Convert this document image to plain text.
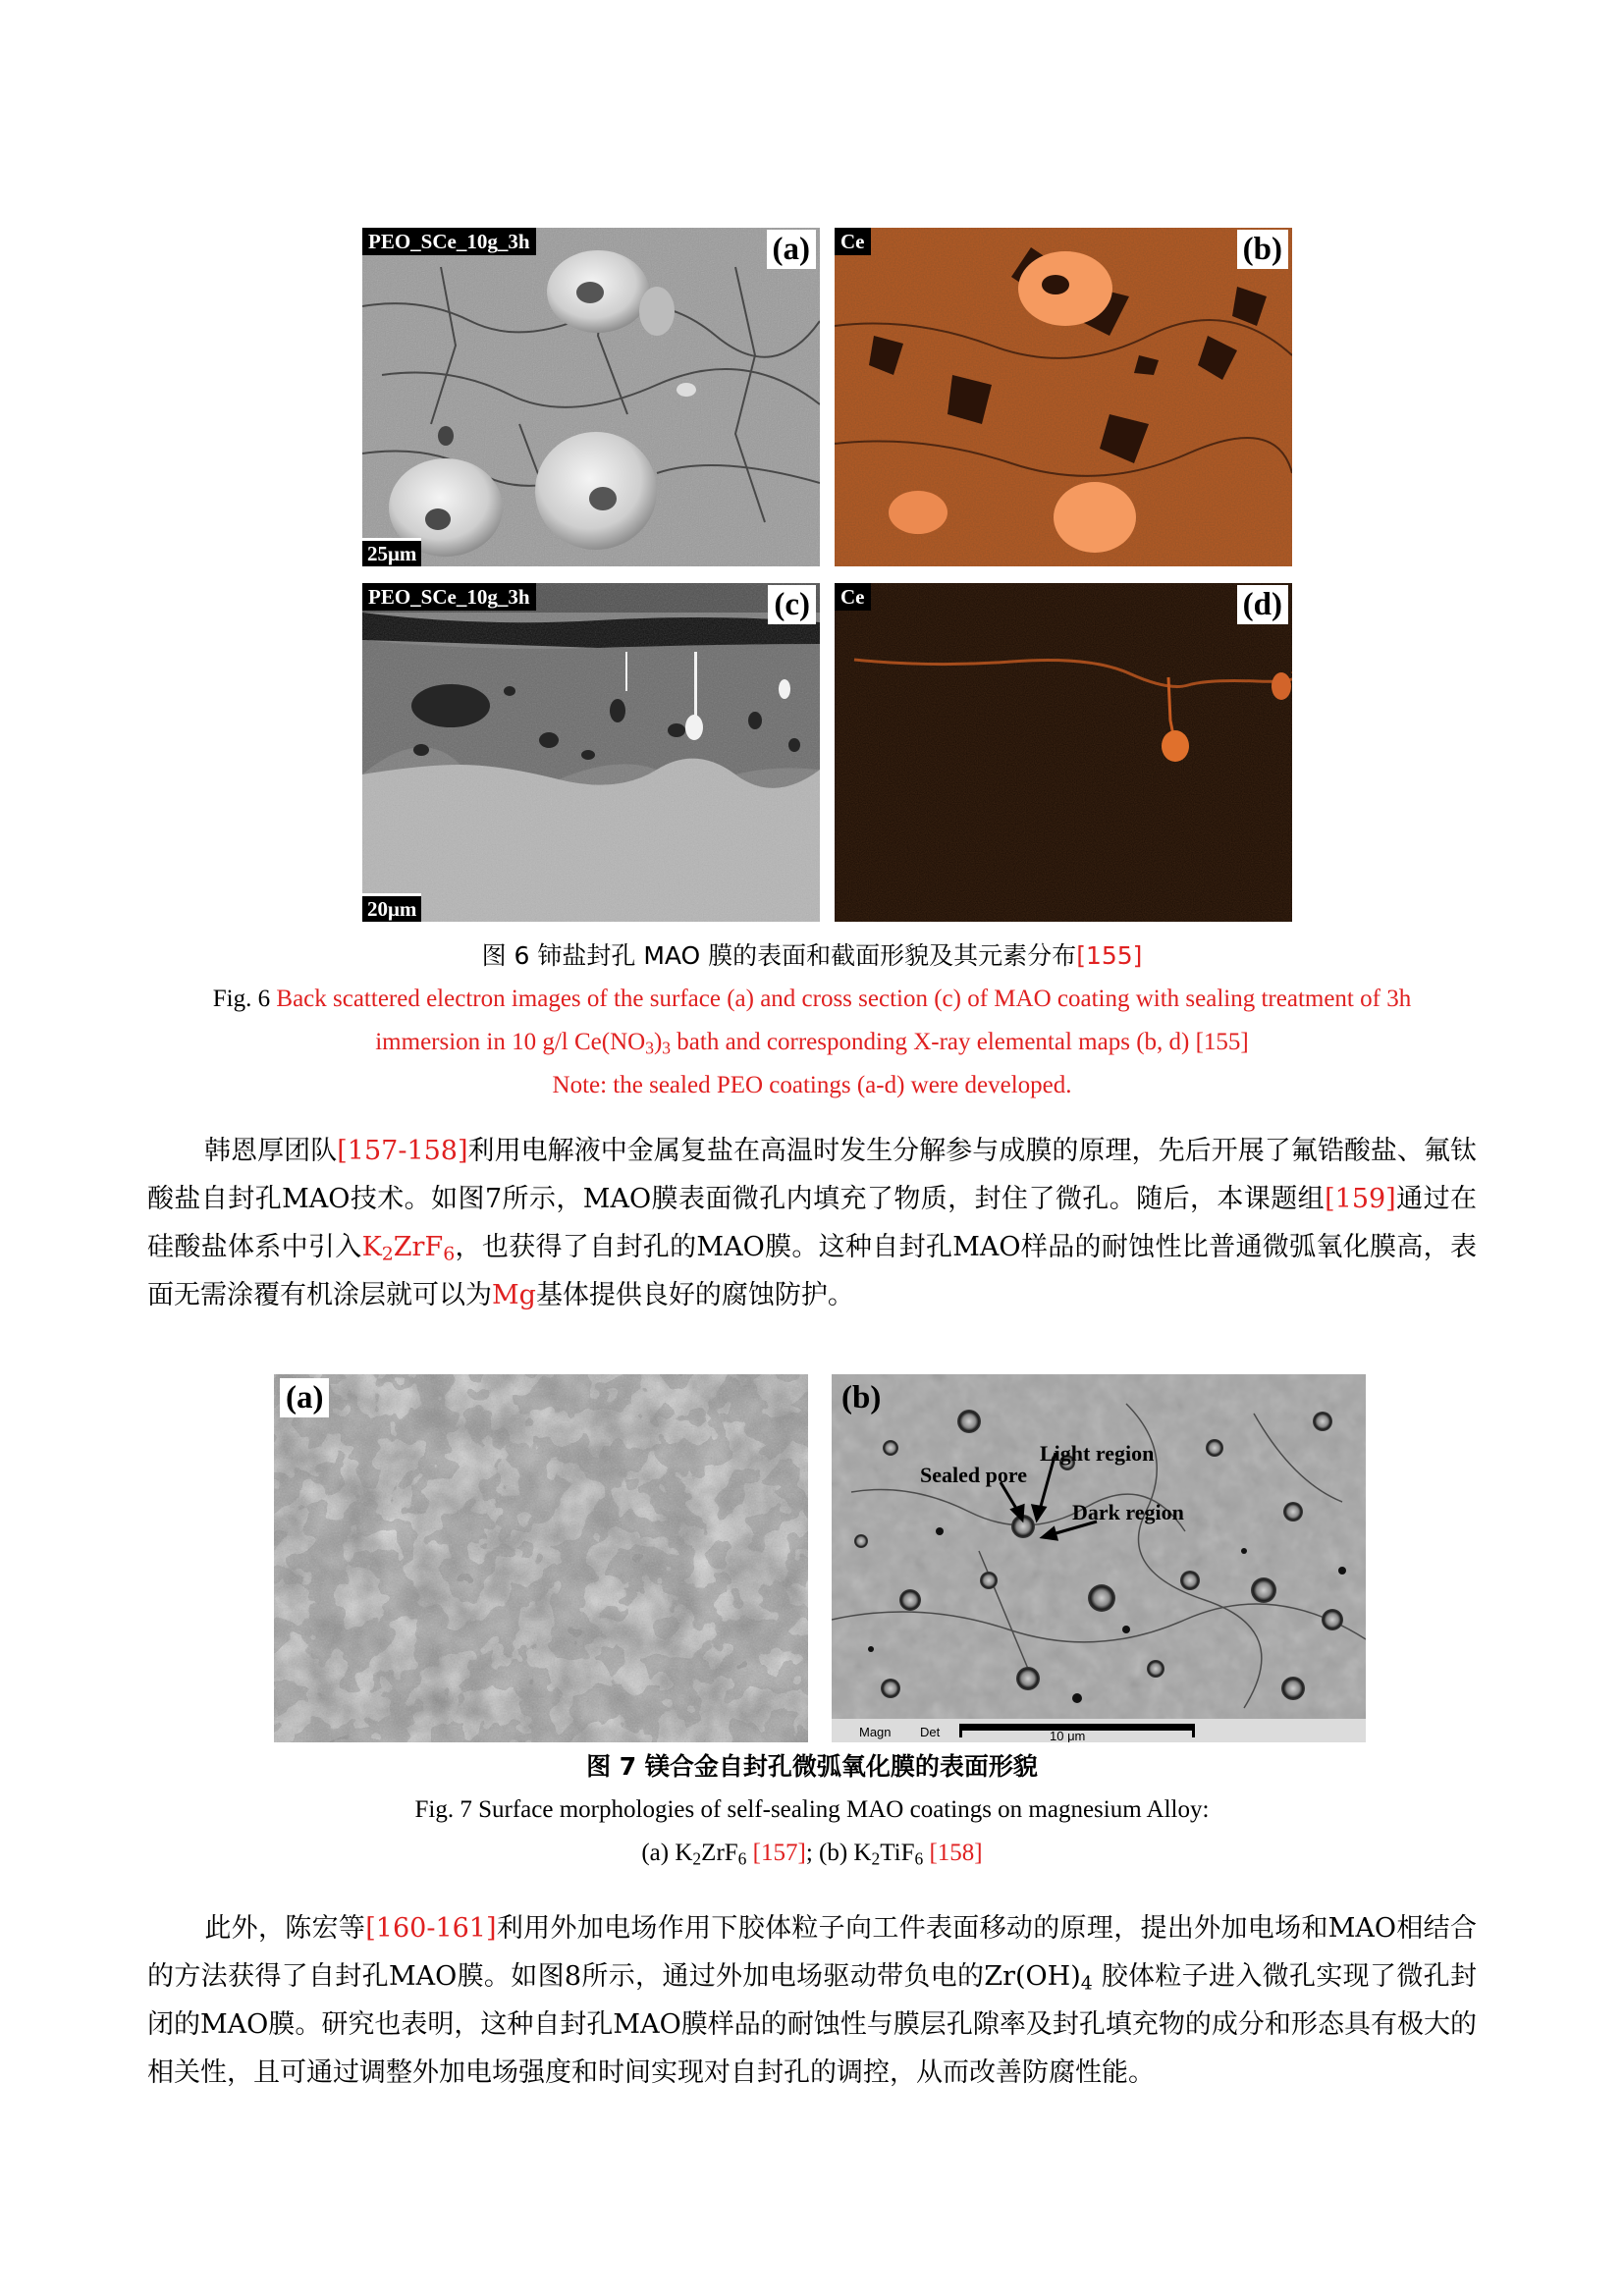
PEO_SCe_10g_3h	(a)
25μm
Ce	(b)
PEO_SCe_10g_3h	(c)
20μm
Ce	(d)
图 6 铈盐封孔 MAO 膜的表面和截面形貌及其元素分布[155]
Fig. 6 Back scattered electron images of the surface (a) and cross section (c) of MAO coating with sealing treatment of 3h
immersion in 10 g/l $Ce(NO_3)_3$ bath and corresponding X-ray elemental maps (b, d) [155]
Note: the sealed PEO coatings (a-d) were developed.
韩恩厚团队[157-158]利用电解液中金属复盐在高温时发生分解参与成膜的原理，先后开展了氟锆酸盐、氟钛酸盐自封孔MAO技术。如图7所示，MAO膜表面微孔内填充了物质，封住了微孔。随后，本课题组[159]通过在硅酸盐体系中引入$K_2ZrF_6$，也获得了自封孔的MAO膜。这种自封孔MAO样品的耐蚀性比普通微弧氧化膜高，表面无需涂覆有机涂层就可以为Mg基体提供良好的腐蚀防护。
(a)	(b)
Light region
Sealed pore
Dark region
Magn Det	10 μm
图 7 镁合金自封孔微弧氧化膜的表面形貌
Fig. 7 Surface morphologies of self-sealing MAO coatings on magnesium Alloy:
(a) $K_2ZrF_6$ [157]; (b) $K_2TiF_6$ [158]
此外，陈宏等[160-161]利用外加电场作用下胶体粒子向工件表面移动的原理，提出外加电场和MAO相结合的方法获得了自封孔MAO膜。如图8所示，通过外加电场驱动带负电的$Zr(OH)_4$ 胶体粒子进入微孔实现了微孔封闭的MAO膜。研究也表明，这种自封孔MAO膜样品的耐蚀性与膜层孔隙率及封孔填充物的成分和形态具有极大的相关性，且可通过调整外加电场强度和时间实现对自封孔的调控，从而改善防腐性能。
